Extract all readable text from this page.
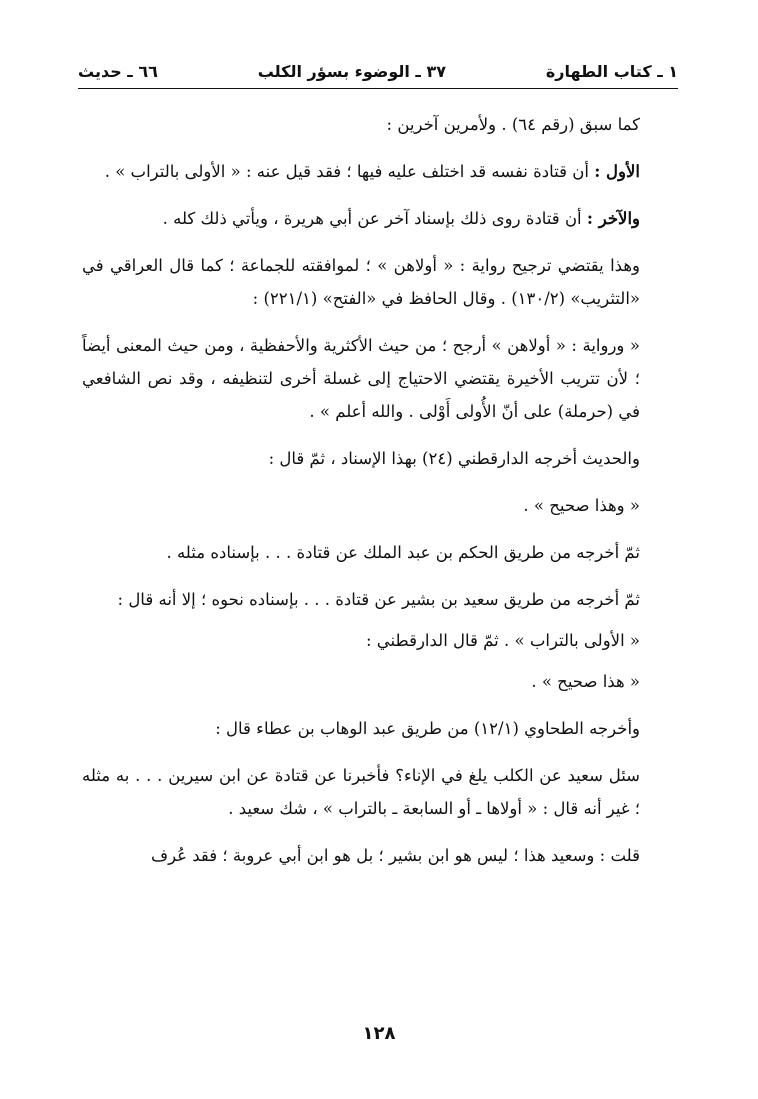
٦٦ ـ حديث	٣٧ ـ الوضوء بسؤر الكلب	١ ـ كتاب الطهارة

كما سبق (رقم ٦٤) . ولأمرين آخرين :

الأول : أن قتادة نفسه قد اختلف عليه فيها ؛ فقد قيل عنه : « الأولى بالتراب » .

والآخر : أن قتادة روى ذلك بإسناد آخر عن أبي هريرة ، ويأتي ذلك كله .

وهذا يقتضي ترجيح رواية : « أولاهن » ؛ لموافقته للجماعة ؛ كما قال العراقي في «التثريب» (١٣٠/٢) . وقال الحافظ في «الفتح» (٢٢١/١) :

« ورواية : « أولاهن » أرجح ؛ من حيث الأكثرية والأحفظية ، ومن حيث المعنى أيضاً ؛ لأن تتريب الأخيرة يقتضي الاحتياج إلى غسلة أخرى لتنظيفه ، وقد نص الشافعي في (حرملة) على أنّ الأُولى أَوْلى . والله أعلم » .

والحديث أخرجه الدارقطني (٢٤) بهذا الإسناد ، ثمّ قال :

« وهذا صحيح » .

ثمّ أخرجه من طريق الحكم بن عبد الملك عن قتادة . . . بإسناده مثله .

ثمّ أخرجه من طريق سعيد بن بشير عن قتادة . . . بإسناده نحوه ؛ إلا أنه قال :

« الأولى بالتراب » . ثمّ قال الدارقطني :

« هذا صحيح » .

وأخرجه الطحاوي (١٢/١) من طريق عبد الوهاب بن عطاء قال :

سئل سعيد عن الكلب يلغ في الإناء؟ فأخبرنا عن قتادة عن ابن سيرين . . . به مثله ؛ غير أنه قال : « أولاها ـ أو السابعة ـ بالتراب » ، شك سعيد .

قلت : وسعيد هذا ؛ ليس هو ابن بشير ؛ بل هو ابن أبي عروبة ؛ فقد عُرف

١٢٨
